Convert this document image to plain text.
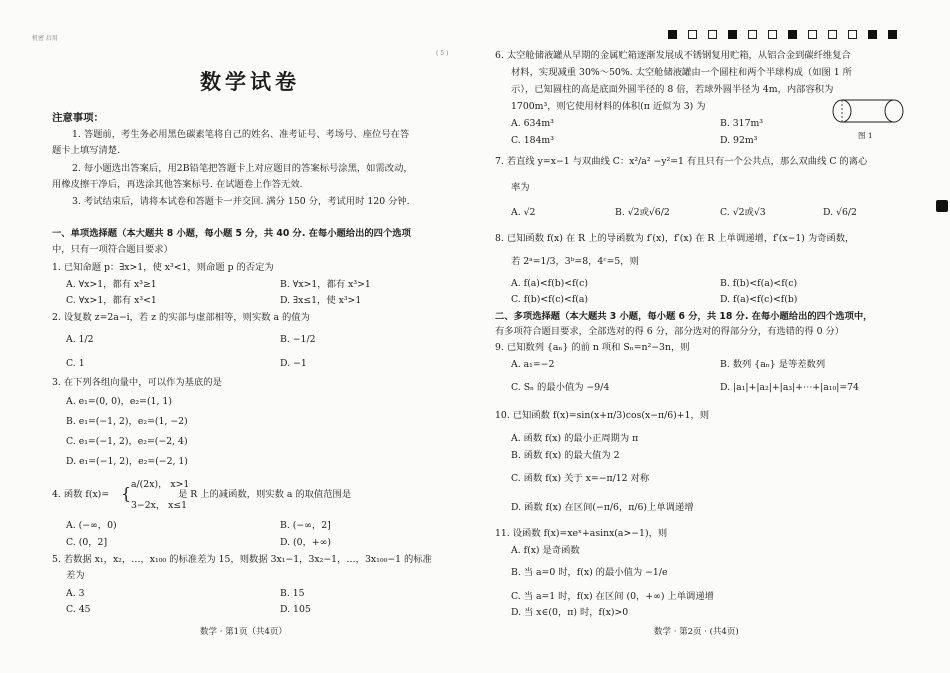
机密 启用
( 5 )
数学试卷
注意事项：
1. 答题前，考生务必用黑色碳素笔将自己的姓名、准考证号、考场号、座位号在答
题卡上填写清楚.
2. 每小题选出答案后，用2B铅笔把答题卡上对应题目的答案标号涂黑，如需改动，
用橡皮擦干净后，再选涂其他答案标号. 在试题卷上作答无效.
3. 考试结束后，请将本试卷和答题卡一并交回. 满分 150 分，考试用时 120 分钟.
一、单项选择题（本大题共 8 小题，每小题 5 分，共 40 分. 在每小题给出的四个选项
中，只有一项符合题目要求）
1. 已知命题 p：∃x>1，使 x³<1，则命题 p 的否定为
A. ∀x>1，都有 x³≥1	B. ∀x>1，都有 x³>1
C. ∀x>1，都有 x³<1	D. ∃x≤1，使 x³>1
2. 设复数 z=2a−i，若 z 的实部与虚部相等，则实数 a 的值为
A. 1/2	B. −1/2
C. 1	D. −1
3. 在下列各组向量中，可以作为基底的是
A. e₁=(0, 0)，e₂=(1, 1)
B. e₁=(−1, 2)，e₂=(1, −2)
C. e₁=(−1, 2)，e₂=(−2, 4)
D. e₁=(−1, 2)，e₂=(−2, 1)
4. 函数 f(x)= { a/(2x)， x>1
3−2x， x≤1
是 R 上的减函数，则实数 a 的取值范围是
A. (−∞，0)	B. (−∞，2]
C. (0，2]	D. (0，+∞)
5. 若数据 x₁，x₂，…，x₁₀₀ 的标准差为 15，则数据 3x₁−1，3x₂−1，…，3x₁₀₀−1 的标准
差为
A. 3	B. 15
C. 45	D. 105
数学 · 第1页（共4页）
6. 太空舱储液罐从早期的金属贮箱逐渐发展成不锈钢复用贮箱，从铝合金到碳纤维复合
材料，实现减重 30%～50%. 太空舱储液罐由一个圆柱和两个半球构成（如图 1 所
示），已知圆柱的高是底面外圆半径的 8 倍，若球外圆半径为 4m，内部容积为
1700m³，则它使用材料的体积(π 近似为 3) 为
A. 634m³	B. 317m³
C. 184m³	D. 92m³	图 1
7. 若直线 y=x−1 与双曲线 C：x²/a² −y²=1 有且只有一个公共点，那么双曲线 C 的离心
率为
A. √2	B. √2或√6/2	C. √2或√3	D. √6/2
8. 已知函数 f(x) 在 R 上的导函数为 f′(x)，f′(x) 在 R 上单调递增，f′(x−1) 为奇函数，
若 2ᵃ=1/3，3ᵇ=8，4ᶜ=5，则
A. f(a)<f(b)<f(c)	B. f(b)<f(a)<f(c)
C. f(b)<f(c)<f(a)	D. f(a)<f(c)<f(b)
二、多项选择题（本大题共 3 小题，每小题 6 分，共 18 分. 在每小题给出的四个选项中，
有多项符合题目要求，全部选对的得 6 分，部分选对的得部分分，有选错的得 0 分）
9. 已知数列 {aₙ} 的前 n 项和 Sₙ=n²−3n，则
A. a₁=−2	B. 数列 {aₙ} 是等差数列
C. Sₙ 的最小值为 −9/4	D. |a₁|+|a₂|+|a₃|+⋯+|a₁₀|=74
10. 已知函数 f(x)=sin(x+π/3)cos(x−π/6)+1，则
A. 函数 f(x) 的最小正周期为 π
B. 函数 f(x) 的最大值为 2
C. 函数 f(x) 关于 x=−π/12 对称
D. 函数 f(x) 在区间(−π/6，π/6)上单调递增
11. 设函数 f(x)=xeˣ+asinx(a>−1)，则
A. f(x) 是奇函数
B. 当 a=0 时，f(x) 的最小值为 −1/e
C. 当 a=1 时，f(x) 在区间 (0，+∞) 上单调递增
D. 当 x∈(0，π) 时，f(x)>0
数学 · 第2页 · (共4页)
